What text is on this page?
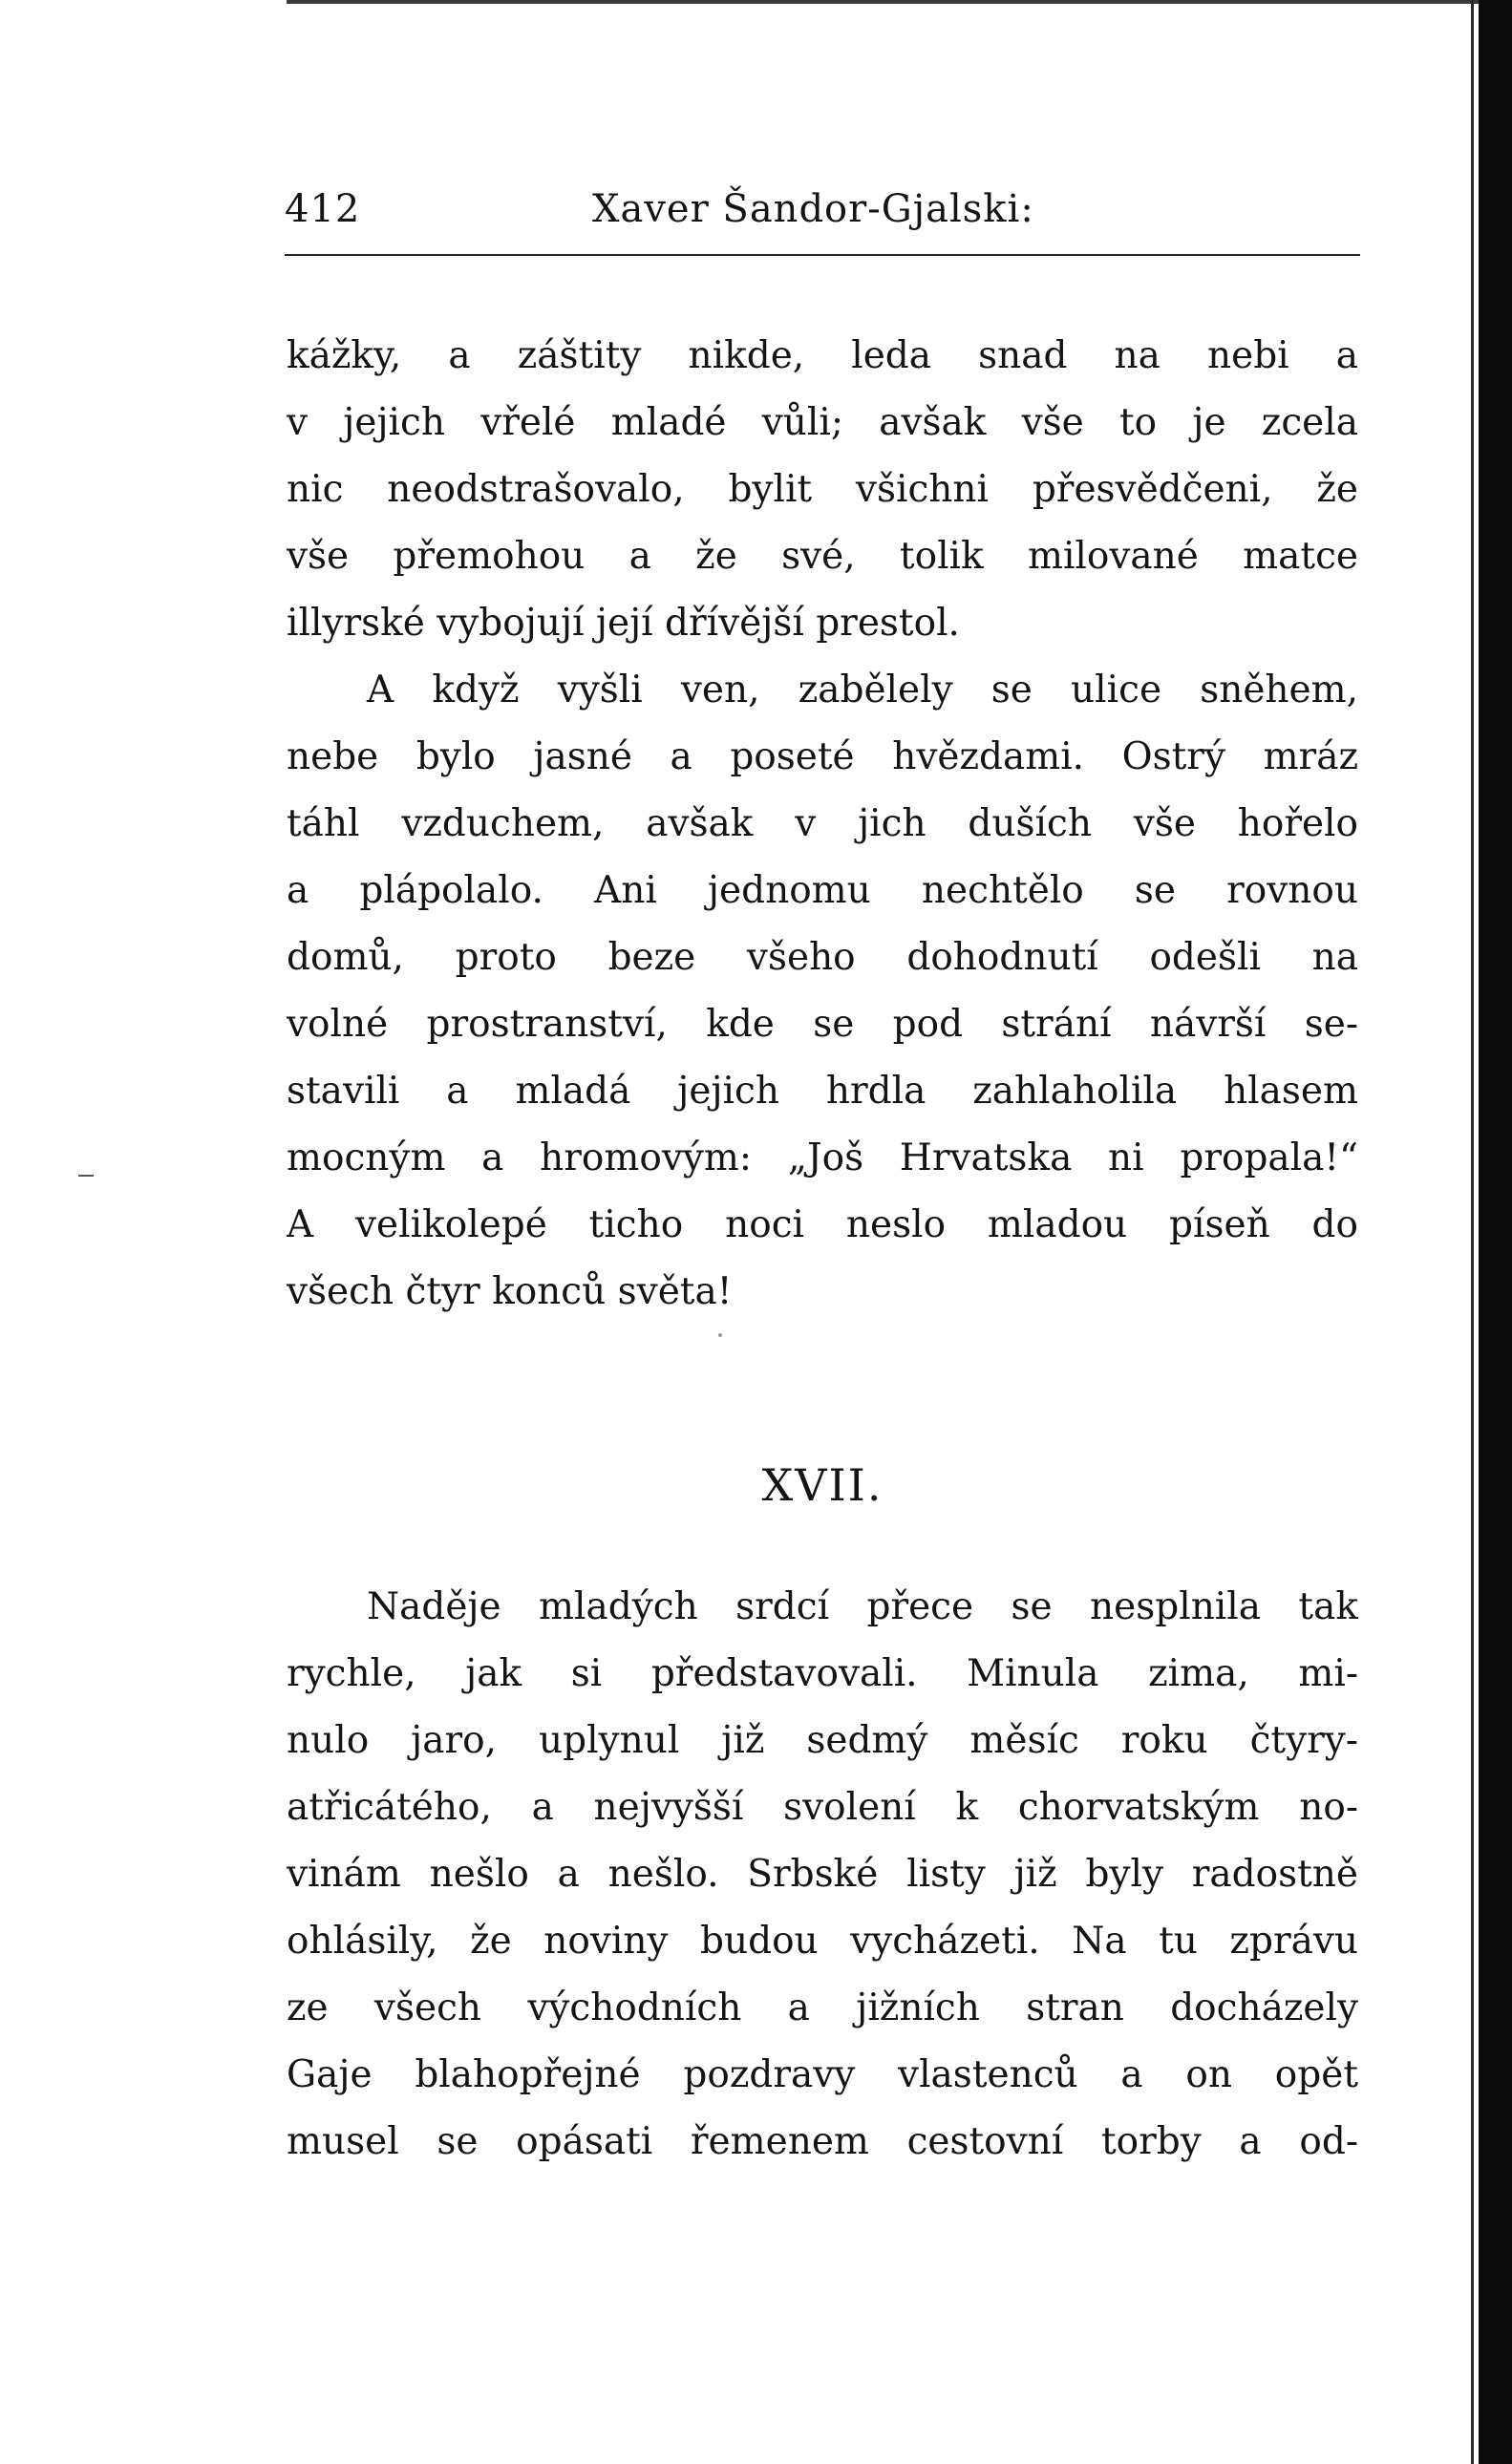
412	Xaver Šandor-Gjalski:
kážky, a záštity nikde, leda snad na nebi a
v jejich vřelé mladé vůli; avšak vše to je zcela
nic neodstrašovalo, bylit všichni přesvědčeni, že
vše přemohou a že své, tolik milované matce
illyrské vybojují její dřívější prestol.
A když vyšli ven, zabělely se ulice sněhem,
nebe bylo jasné a poseté hvězdami. Ostrý mráz
táhl vzduchem, avšak v jich duších vše hořelo
a plápolalo. Ani jednomu nechtělo se rovnou
domů, proto beze všeho dohodnutí odešli na
volné prostranství, kde se pod strání návrší se-
stavili a mladá jejich hrdla zahlaholila hlasem
mocným a hromovým: „Još Hrvatska ni propala!“
A velikolepé ticho noci neslo mladou píseň do
všech čtyr konců světa!
XVII.
Naděje mladých srdcí přece se nesplnila tak
rychle, jak si představovali. Minula zima, mi-
nulo jaro, uplynul již sedmý měsíc roku čtyry-
atřicátého, a nejvyšší svolení k chorvatským no-
vinám nešlo a nešlo. Srbské listy již byly radostně
ohlásily, že noviny budou vycházeti. Na tu zprávu
ze všech východních a jižních stran docházely
Gaje blahopřejné pozdravy vlastenců a on opět
musel se opásati řemenem cestovní torby a od-
